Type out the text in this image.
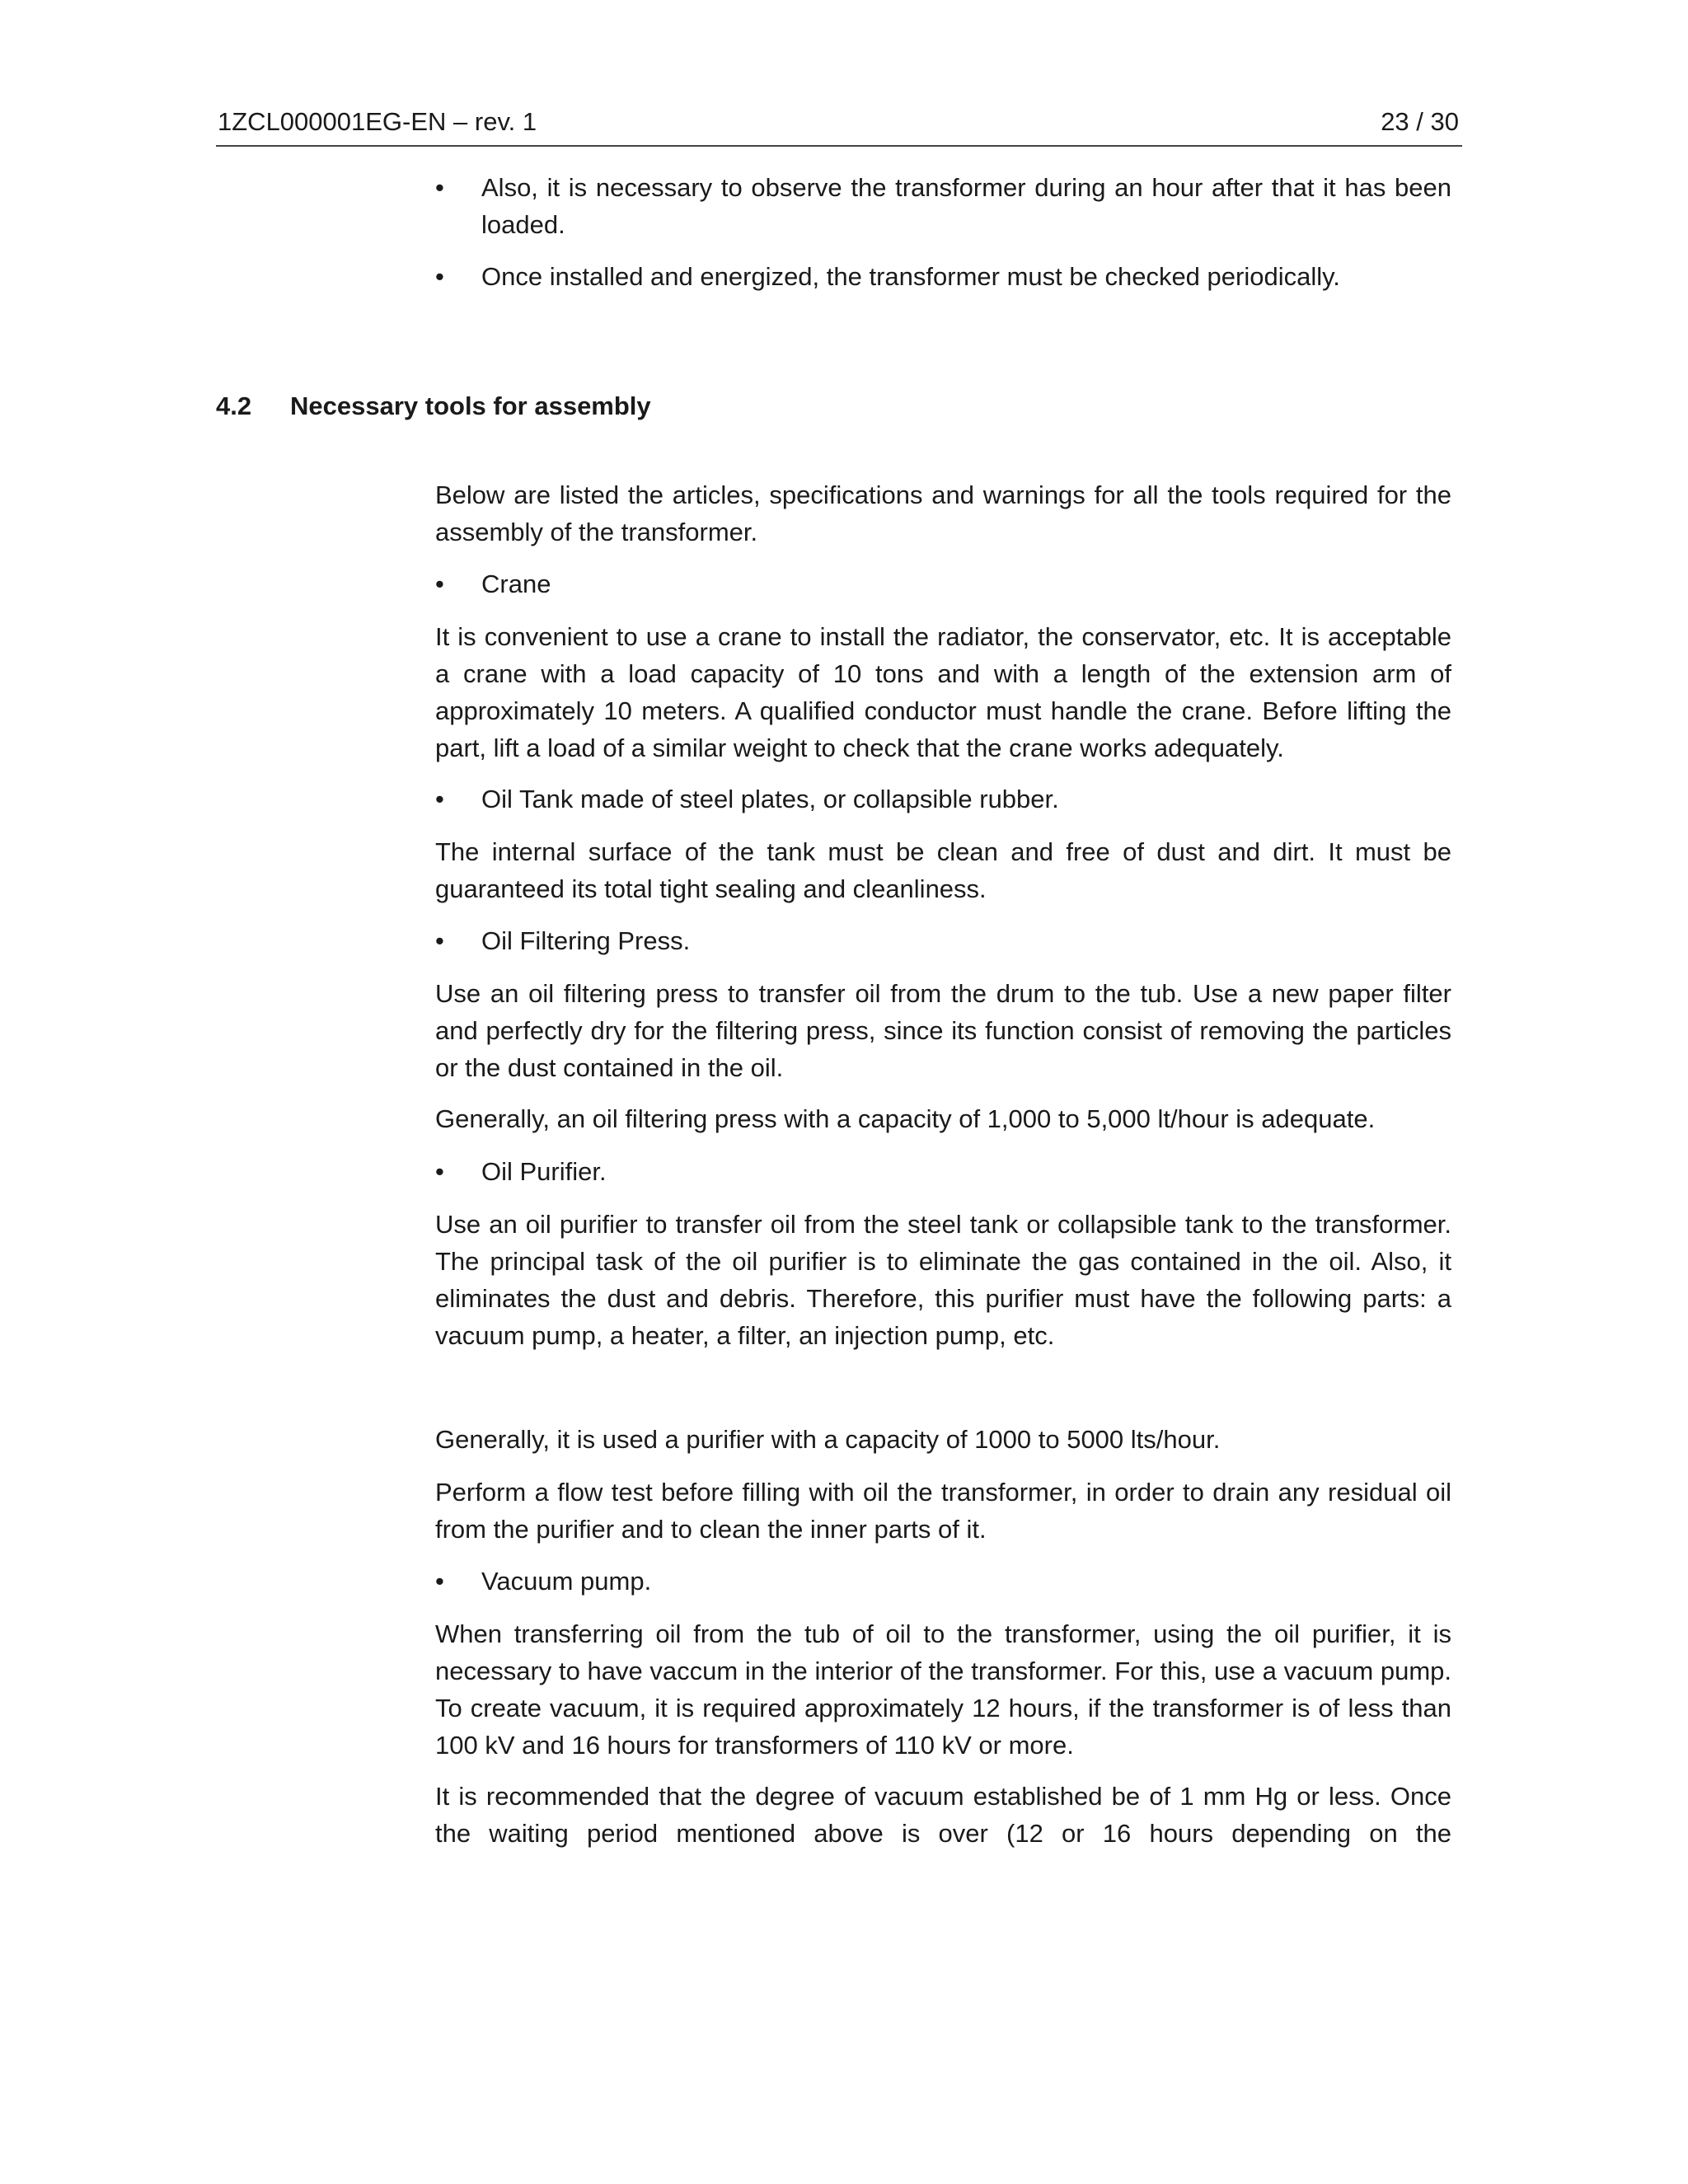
1ZCL000001EG-EN – rev. 1	23 / 30
•	Also, it is necessary to observe the transformer during an hour after that it has been loaded.
•	Once installed and energized, the transformer must be checked periodically.
4.2 Necessary tools for assembly
Below are listed the articles, specifications and warnings for all the tools required for the assembly of the transformer.
•	Crane
It is convenient to use a crane to install the radiator, the conservator, etc. It is acceptable a crane with a load capacity of 10 tons and with a length of the extension arm of approximately 10 meters. A qualified conductor must handle the crane. Before lifting the part, lift a load of a similar weight to check that the crane works adequately.
•	Oil Tank made of steel plates, or collapsible rubber.
The internal surface of the tank must be clean and free of dust and dirt. It must be guaranteed its total tight sealing and cleanliness.
•	Oil Filtering Press.
Use an oil filtering press to transfer oil from the drum to the tub. Use a new paper filter and perfectly dry for the filtering press, since its function consist of removing the particles or the dust contained in the oil.
Generally, an oil filtering press with a capacity of 1,000 to 5,000 lt/hour is adequate.
•	Oil Purifier.
Use an oil purifier to transfer oil from the steel tank or collapsible tank to the transformer. The principal task of the oil purifier is to eliminate the gas contained in the oil. Also, it eliminates the dust and debris. Therefore, this purifier must have the following parts: a vacuum pump, a heater, a filter, an injection pump, etc.
Generally, it is used a purifier with a capacity of 1000 to 5000 lts/hour.
Perform a flow test before filling with oil the transformer, in order to drain any residual oil from the purifier and to clean the inner parts of it.
•	Vacuum pump.
When transferring oil from the tub of oil to the transformer, using the oil purifier, it is necessary to have vaccum in the interior of the transformer. For this, use a vacuum pump. To create vacuum, it is required approximately 12 hours, if the transformer is of less than 100 kV and 16 hours for transformers of 110 kV or more.
It is recommended that the degree of vacuum established be of 1 mm Hg or less. Once the waiting period mentioned above is over (12 or 16 hours depending on the
